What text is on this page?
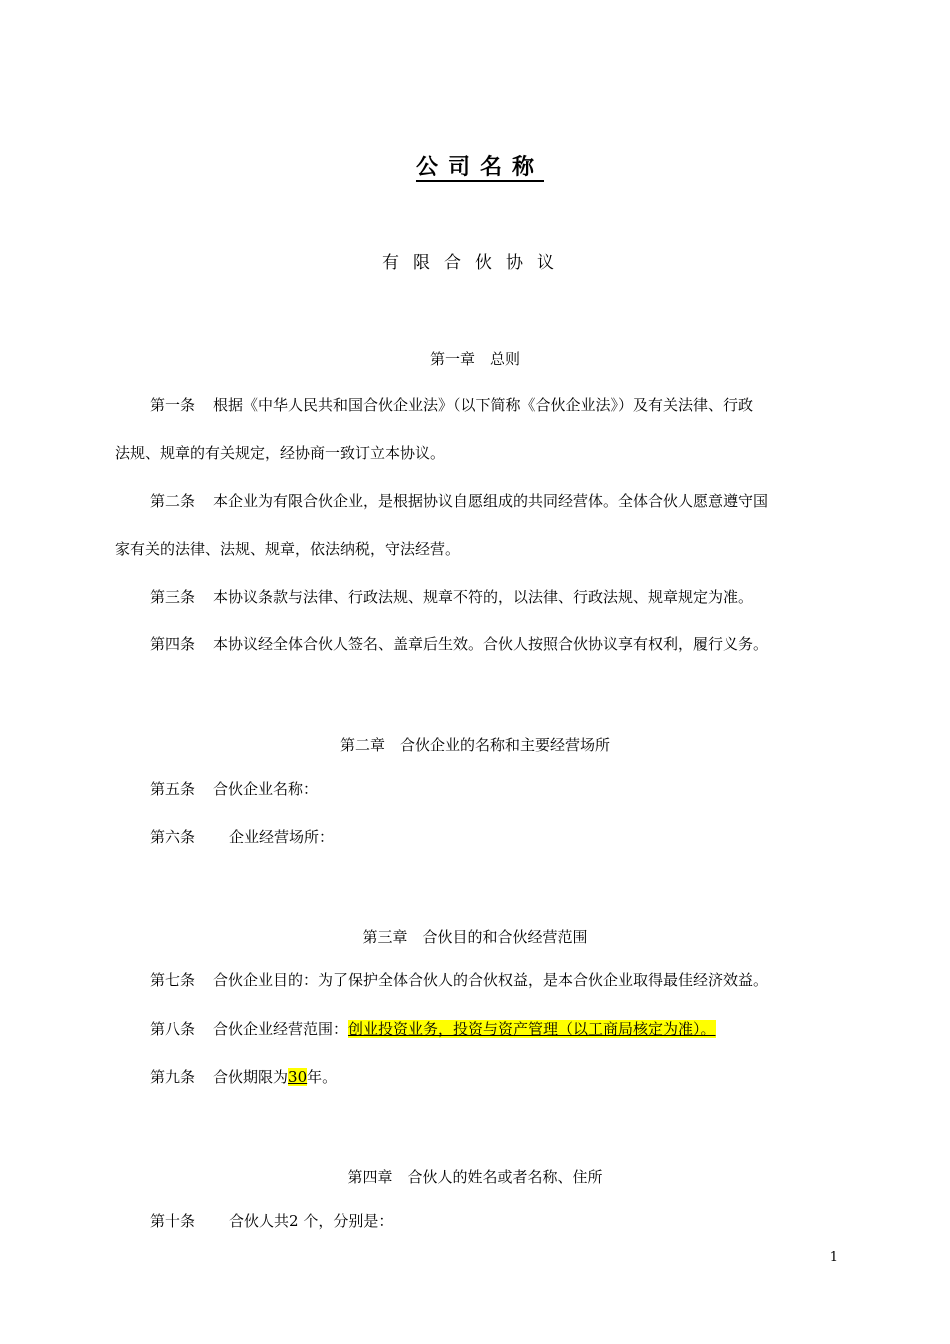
公司名称
有限合伙协议
第一章　总则
第一条 根据《中华人民共和国合伙企业法》（以下简称《合伙企业法》）及有关法律、行政
法规、规章的有关规定，经协商一致订立本协议。
第二条 本企业为有限合伙企业，是根据协议自愿组成的共同经营体。全体合伙人愿意遵守国
家有关的法律、法规、规章，依法纳税，守法经营。
第三条 本协议条款与法律、行政法规、规章不符的，以法律、行政法规、规章规定为准。
第四条 本协议经全体合伙人签名、盖章后生效。合伙人按照合伙协议享有权利，履行义务。
第二章　合伙企业的名称和主要经营场所
第五条 合伙企业名称：
第六条 企业经营场所：
第三章　合伙目的和合伙经营范围
第七条 合伙企业目的：为了保护全体合伙人的合伙权益，是本合伙企业取得最佳经济效益。
第八条 合伙企业经营范围：创业投资业务，投资与资产管理（以工商局核定为准）。
第九条 合伙期限为30年。
第四章　合伙人的姓名或者名称、住所
第十条 合伙人共2 个，分别是：
1
